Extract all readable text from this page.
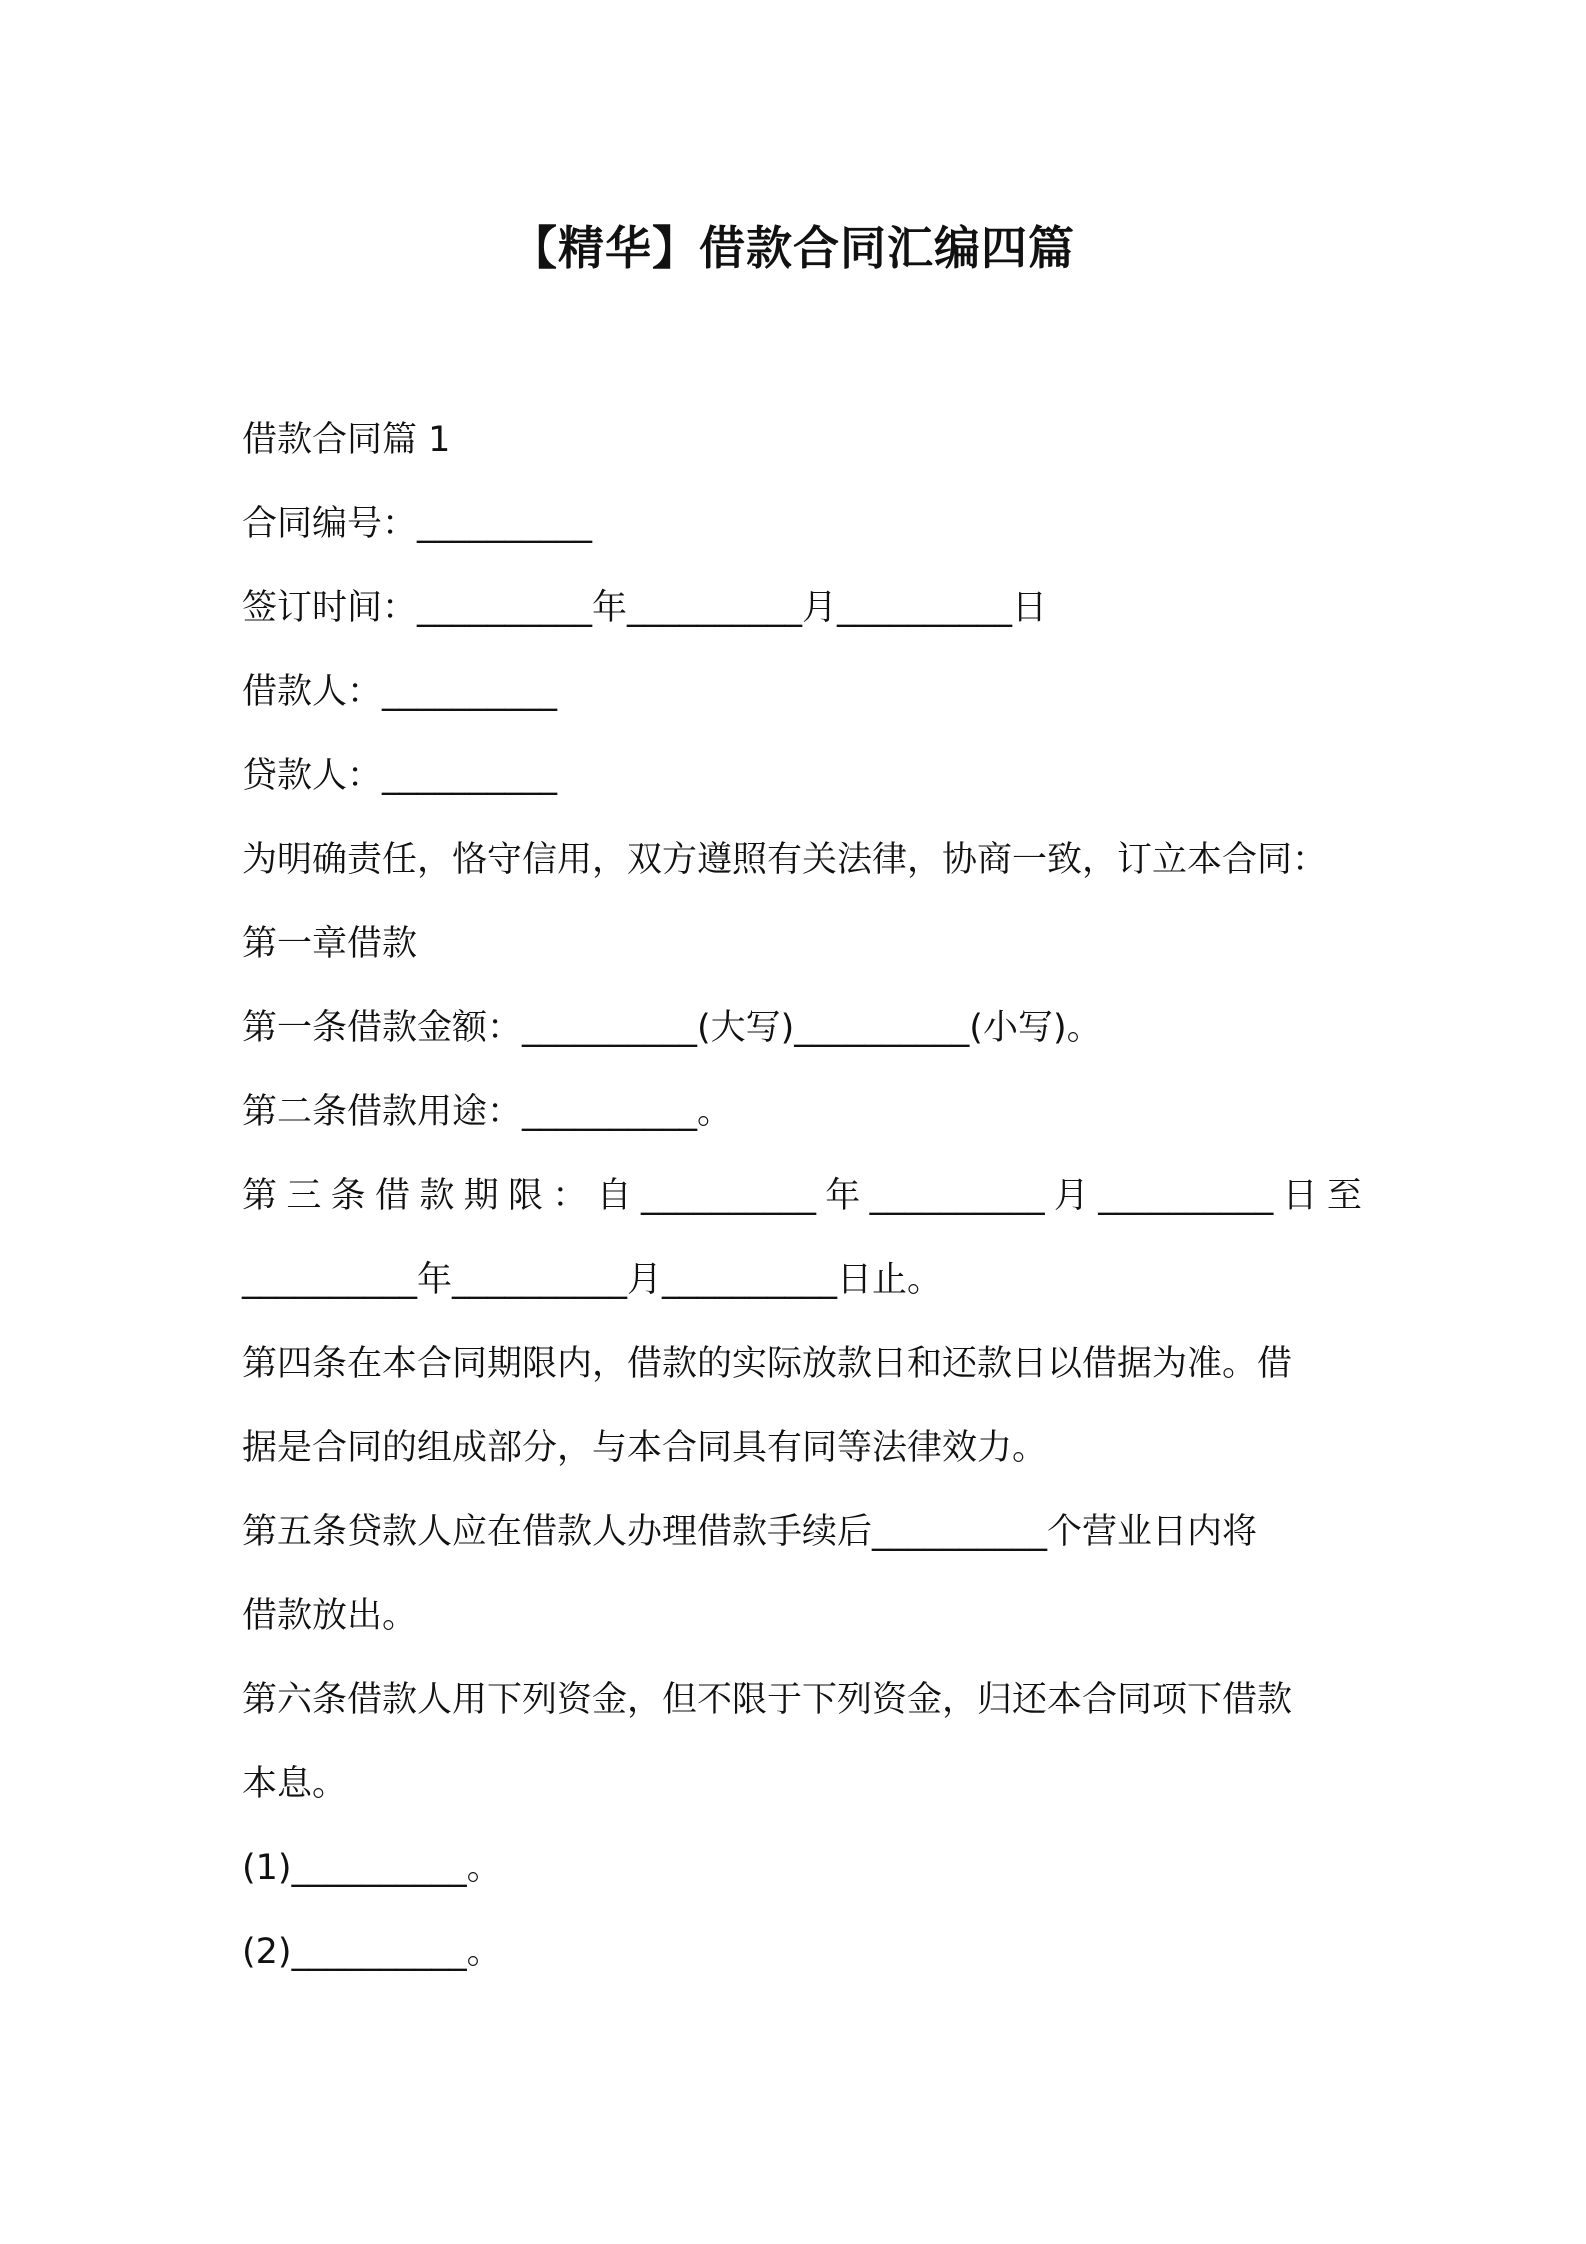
【精华】借款合同汇编四篇
借款合同篇 1
合同编号：__________
签订时间：__________年__________月__________日
借款人：__________
贷款人：__________
为明确责任，恪守信用，双方遵照有关法律，协商一致，订立本合同：
第一章借款
第一条借款金额：__________(大写)__________(小写)。
第二条借款用途：__________。
第 三 条 借 款 期 限 ： 自 __________ 年 __________ 月 __________ 日 至
__________年__________月__________日止。
第四条在本合同期限内，借款的实际放款日和还款日以借据为准。借
据是合同的组成部分，与本合同具有同等法律效力。
第五条贷款人应在借款人办理借款手续后__________个营业日内将
借款放出。
第六条借款人用下列资金，但不限于下列资金，归还本合同项下借款
本息。
(1)__________。
(2)__________。
